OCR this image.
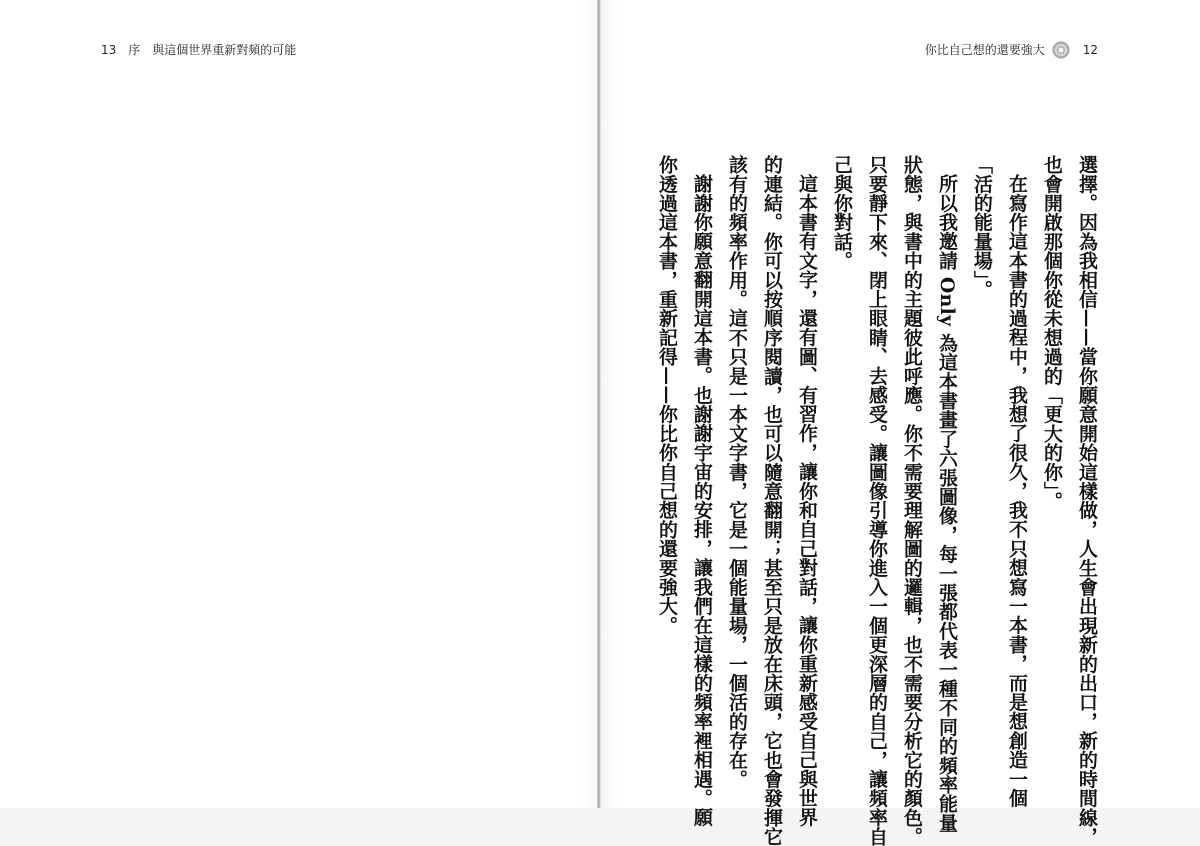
13 序 與這個世界重新對頻的可能	你比自己想的還要強大	12
選擇。因為我相信——當你願意開始這樣做，人生會出現新的出口，新的時間線，
也會開啟那個你從未想過的「更大的你」。
在寫作這本書的過程中，我想了很久，我不只想寫一本書，而是想創造一個
「活的能量場」。
所以我邀請 Only 為這本書畫了六張圖像，每一張都代表一種不同的頻率能量
狀態，與書中的主題彼此呼應。你不需要理解圖的邏輯，也不需要分析它的顏色。
只要靜下來、閉上眼睛、去感受。讓圖像引導你進入一個更深層的自己，讓頻率自
己與你對話。
這本書有文字，還有圖、有習作，讓你和自己對話，讓你重新感受自己與世界
的連結。你可以按順序閱讀，也可以隨意翻開；甚至只是放在床頭，它也會發揮它
該有的頻率作用。這不只是一本文字書，它是一個能量場，一個活的存在。
謝謝你願意翻開這本書。也謝謝宇宙的安排，讓我們在這樣的頻率裡相遇。願
你透過這本書，重新記得——你比你自己想的還要強大。
